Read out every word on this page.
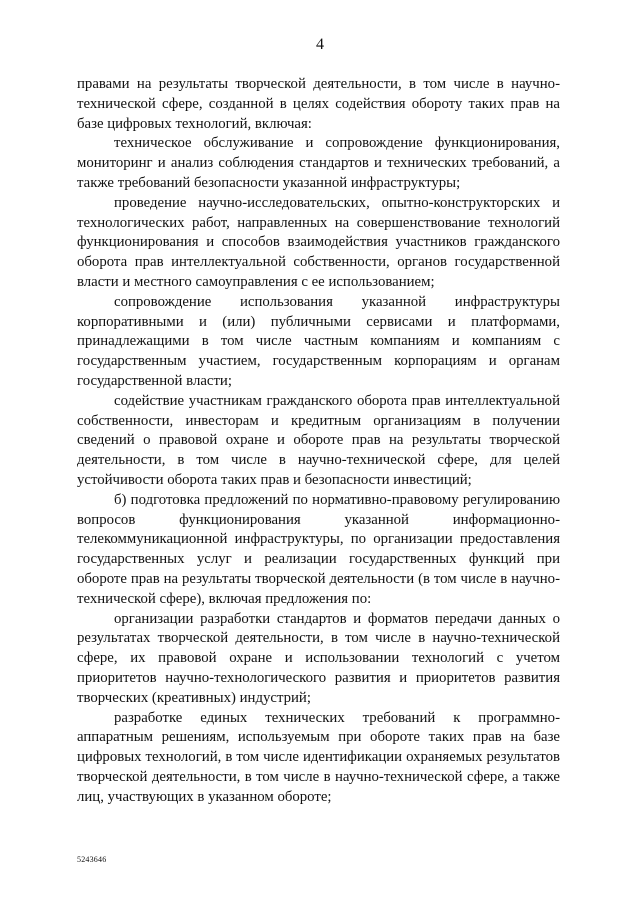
4

правами на результаты творческой деятельности, в том числе в научно-технической сфере, созданной в целях содействия обороту таких прав на базе цифровых технологий, включая:

техническое обслуживание и сопровождение функционирования, мониторинг и анализ соблюдения стандартов и технических требований, а также требований безопасности указанной инфраструктуры;

проведение научно-исследовательских, опытно-конструкторских и технологических работ, направленных на совершенствование технологий функционирования и способов взаимодействия участников гражданского оборота прав интеллектуальной собственности, органов государственной власти и местного самоуправления с ее использованием;

сопровождение использования указанной инфраструктуры корпоративными и (или) публичными сервисами и платформами, принадлежащими в том числе частным компаниям и компаниям с государственным участием, государственным корпорациям и органам государственной власти;

содействие участникам гражданского оборота прав интеллектуальной собственности, инвесторам и кредитным организациям в получении сведений о правовой охране и обороте прав на результаты творческой деятельности, в том числе в научно-технической сфере, для целей устойчивости оборота таких прав и безопасности инвестиций;

б) подготовка предложений по нормативно-правовому регулированию вопросов функционирования указанной информационно-телекоммуникационной инфраструктуры, по организации предоставления государственных услуг и реализации государственных функций при обороте прав на результаты творческой деятельности (в том числе в научно-технической сфере), включая предложения по:

организации разработки стандартов и форматов передачи данных о результатах творческой деятельности, в том числе в научно-технической сфере, их правовой охране и использовании технологий с учетом приоритетов научно-технологического развития и приоритетов развития творческих (креативных) индустрий;

разработке единых технических требований к программно-аппаратным решениям, используемым при обороте таких прав на базе цифровых технологий, в том числе идентификации охраняемых результатов творческой деятельности, в том числе в научно-технической сфере, а также лиц, участвующих в указанном обороте;

5243646
